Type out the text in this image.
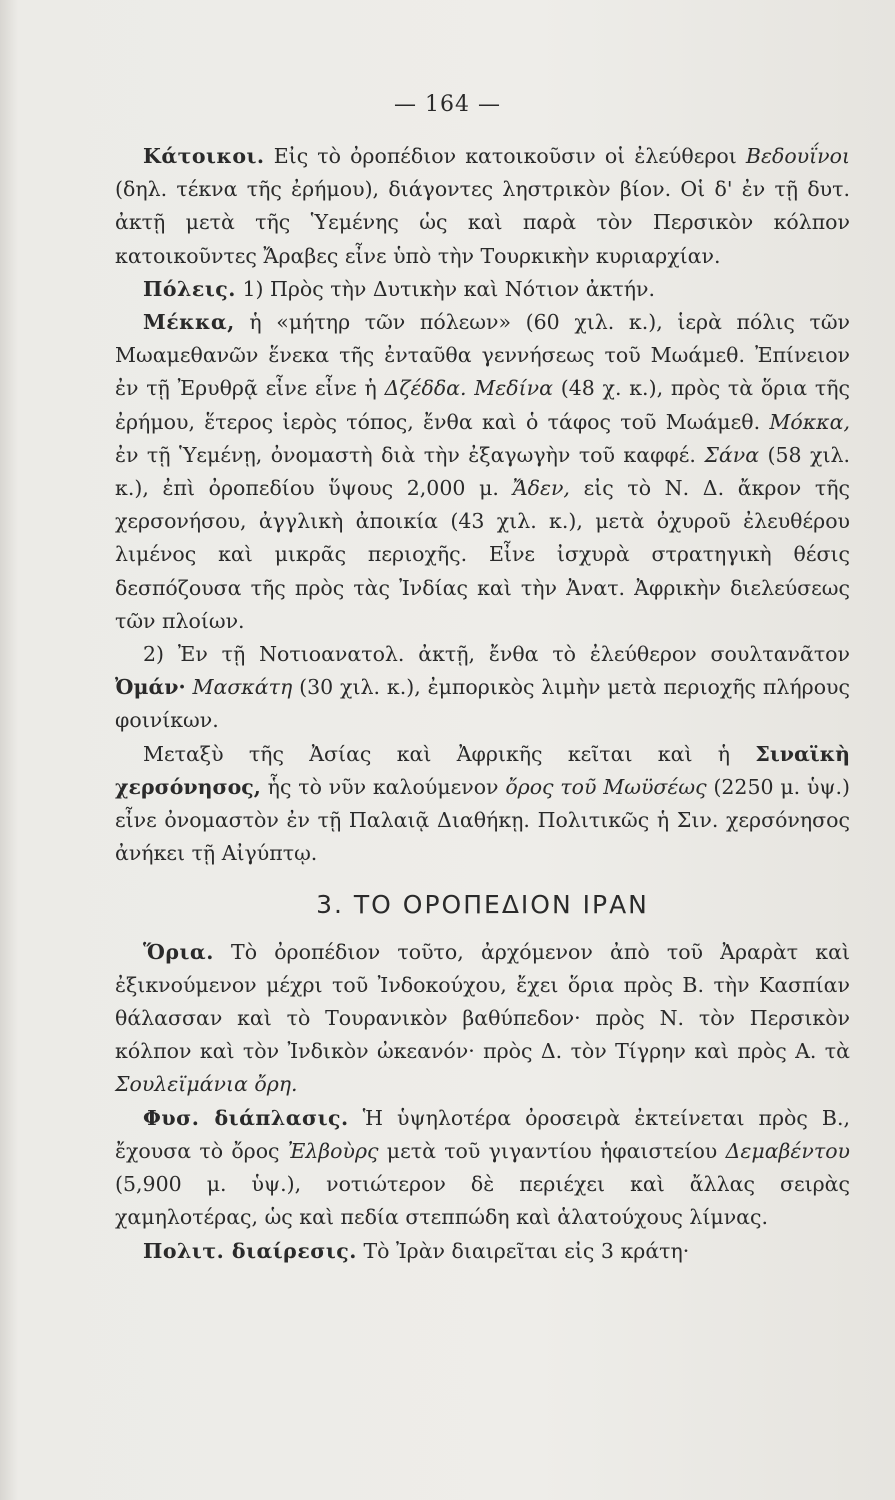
— 164 —

Κάτοικοι. Εἰς τὸ ὀροπέδιον κατοικοῦσιν οἱ ἐλεύθεροι Βεδουΐνοι (δηλ. τέκνα τῆς ἐρήμου), διάγοντες ληστρικὸν βίον. Οἱ δ' ἐν τῇ δυτ. ἀκτῇ μετὰ τῆς Ὑεμένης ὡς καὶ παρὰ τὸν Περσικὸν κόλπον κατοικοῦντες Ἄραβες εἶνε ὑπὸ τὴν Τουρκικὴν κυριαρχίαν.

Πόλεις. 1) Πρὸς τὴν Δυτικὴν καὶ Νότιον ἀκτήν.

Μέκκα, ἡ «μήτηρ τῶν πόλεων» (60 χιλ. κ.), ἱερὰ πόλις τῶν Μωαμεθανῶν ἕνεκα τῆς ἐνταῦθα γεννήσεως τοῦ Μωάμεθ. Ἐπίνειον ἐν τῇ Ἐρυθρᾷ εἶνε εἶνε ἡ Δζέδδα. Μεδίνα (48 χ. κ.), πρὸς τὰ ὅρια τῆς ἐρήμου, ἕτερος ἱερὸς τόπος, ἔνθα καὶ ὁ τάφος τοῦ Μωάμεθ. Μόκκα, ἐν τῇ Ὑεμένῃ, ὀνομαστὴ διὰ τὴν ἐξαγωγὴν τοῦ καφφέ. Σάνα (58 χιλ. κ.), ἐπὶ ὀροπεδίου ὕψους 2,000 μ. Ἄδεν, εἰς τὸ Ν. Δ. ἄκρον τῆς χερσονήσου, ἀγγλικὴ ἀποικία (43 χιλ. κ.), μετὰ ὀχυροῦ ἐλευθέρου λιμένος καὶ μικρᾶς περιοχῆς. Εἶνε ἰσχυρὰ στρατηγικὴ θέσις δεσπόζουσα τῆς πρὸς τὰς Ἰνδίας καὶ τὴν Ἀνατ. Ἀφρικὴν διελεύσεως τῶν πλοίων.

2) Ἐν τῇ Νοτιοανατολ. ἀκτῇ, ἔνθα τὸ ἐλεύθερον σουλτανᾶτον Ὀμάν· Μασκάτη (30 χιλ. κ.), ἐμπορικὸς λιμὴν μετὰ περιοχῆς πλήρους φοινίκων.

Μεταξὺ τῆς Ἀσίας καὶ Ἀφρικῆς κεῖται καὶ ἡ Σιναϊκὴ χερσόνησος, ἧς τὸ νῦν καλούμενον ὄρος τοῦ Μωϋσέως (2250 μ. ὑψ.) εἶνε ὀνομαστὸν ἐν τῇ Παλαιᾷ Διαθήκῃ. Πολιτικῶς ἡ Σιν. χερσόνησος ἀνήκει τῇ Αἰγύπτῳ.

3. ΤΟ ΟΡΟΠΕΔΙΟΝ ΙΡΑΝ

Ὅρια. Τὸ ὀροπέδιον τοῦτο, ἀρχόμενον ἀπὸ τοῦ Ἀραρὰτ καὶ ἐξικνούμενον μέχρι τοῦ Ἰνδοκούχου, ἔχει ὅρια πρὸς Β. τὴν Κασπίαν θάλασσαν καὶ τὸ Τουρανικὸν βαθύπεδον· πρὸς Ν. τὸν Περσικὸν κόλπον καὶ τὸν Ἰνδικὸν ὠκεανόν· πρὸς Δ. τὸν Τίγρην καὶ πρὸς Α. τὰ Σουλεϊμάνια ὄρη.

Φυσ. διάπλασις. Ἡ ὑψηλοτέρα ὀροσειρὰ ἐκτείνεται πρὸς Β., ἔχουσα τὸ ὄρος Ἐλβοὺρς μετὰ τοῦ γιγαντίου ἡφαιστείου Δεμαβέντου (5,900 μ. ὑψ.), νοτιώτερον δὲ περιέχει καὶ ἄλλας σειρὰς χαμηλοτέρας, ὡς καὶ πεδία στεππώδη καὶ ἁλατούχους λίμνας.

Πολιτ. διαίρεσις. Τὸ Ἰρὰν διαιρεῖται εἰς 3 κράτη·
